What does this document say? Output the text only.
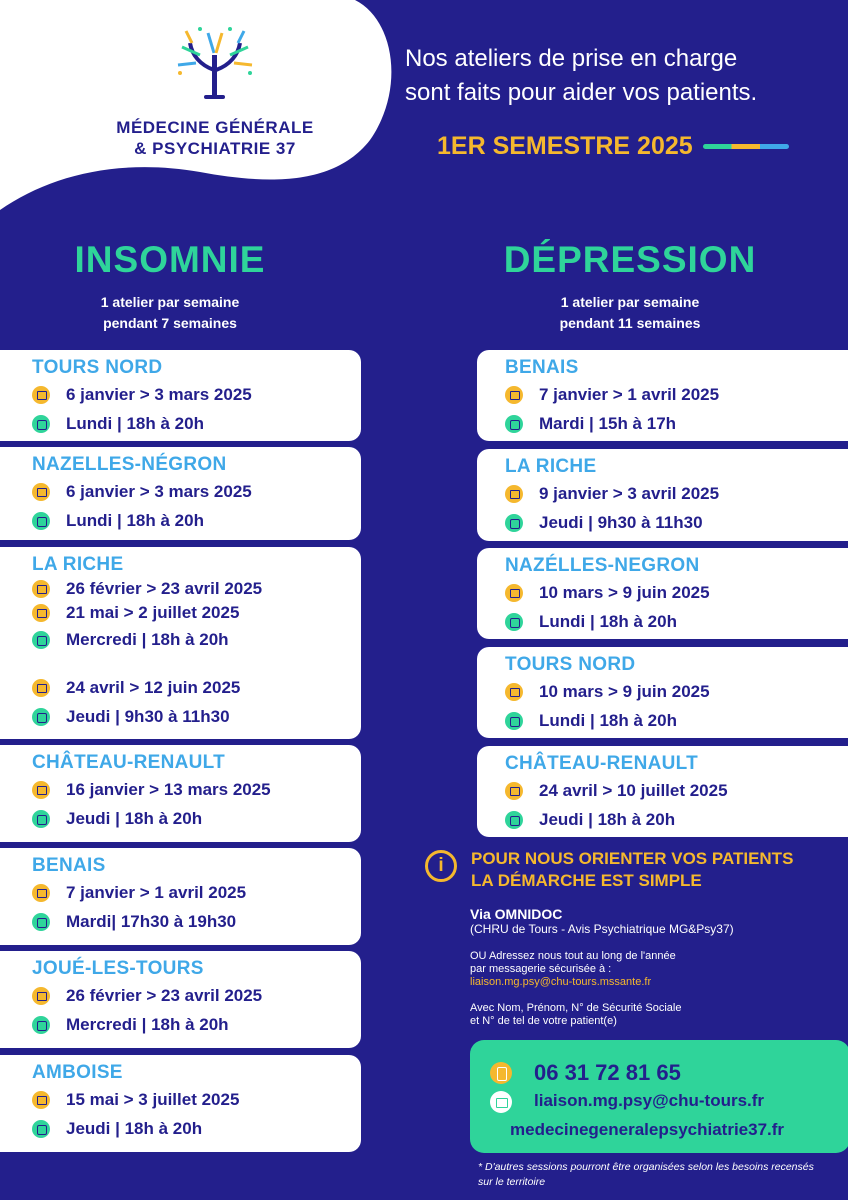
MÉDECINE GÉNÉRALE
& PSYCHIATRIE 37
Nos ateliers de prise en charge
sont faits pour aider vos patients.
1ER SEMESTRE 2025
INSOMNIE

1 atelier par semaine
pendant 7 semaines

DÉPRESSION

1 atelier par semaine
pendant 11 semaines

TOURS NORD
6 janvier > 3 mars 2025
Lundi | 18h à 20h
NAZELLES-NÉGRON
6 janvier > 3 mars 2025
Lundi | 18h à 20h
LA RICHE
26 février > 23 avril 2025
21 mai > 2 juillet 2025
Mercredi | 18h à 20h
24 avril > 12 juin 2025
Jeudi | 9h30 à 11h30
CHÂTEAU-RENAULT
16 janvier > 13 mars 2025
Jeudi | 18h à 20h
BENAIS
7 janvier > 1 avril 2025
Mardi| 17h30 à 19h30
JOUÉ-LES-TOURS
26 février > 23 avril 2025
Mercredi | 18h à 20h
AMBOISE
15 mai > 3 juillet 2025
Jeudi | 18h à 20h
BENAIS
7 janvier > 1 avril 2025
Mardi | 15h à 17h
LA RICHE
9 janvier > 3 avril 2025
Jeudi | 9h30 à 11h30
NAZÉLLES-NEGRON
10 mars > 9 juin 2025
Lundi | 18h à 20h
TOURS NORD
10 mars > 9 juin 2025
Lundi | 18h à 20h
CHÂTEAU-RENAULT
24 avril > 10 juillet 2025
Jeudi | 18h à 20h
i	POUR NOUS ORIENTER VOS PATIENTS
LA DÉMARCHE EST SIMPLE
Via OMNIDOC
(CHRU de Tours - Avis Psychiatrique MG&Psy37)
OU Adressez nous tout au long de l'année
par messagerie sécurisée à :
liaison.mg.psy@chu-tours.mssante.fr
Avec Nom, Prénom, N° de Sécurité Sociale
et N° de tel de votre patient(e)
06 31 72 81 65
liaison.mg.psy@chu-tours.fr
medecinegeneralepsychiatrie37.fr
* D'autres sessions pourront être organisées selon les besoins recensés
sur le territoire
